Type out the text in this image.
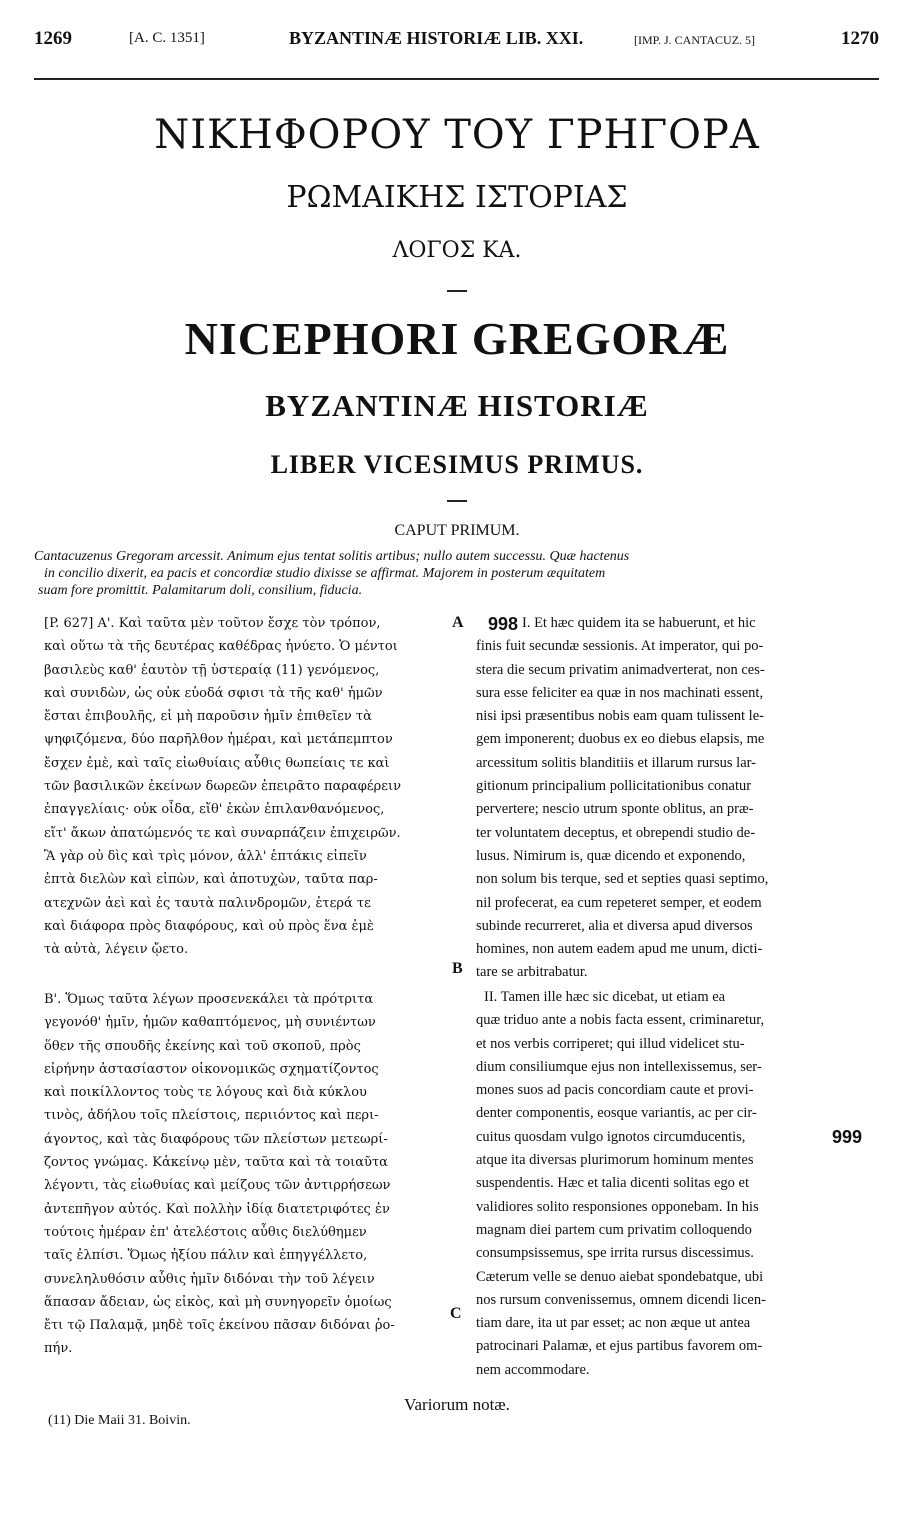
1269	[A. C. 1351]	BYZANTINÆ HISTORIÆ LIB. XXI.	[IMP. J. CANTACUZ. 5]	1270
ΝΙΚΗΦΟΡΟΥ ΤΟΥ ΓΡΗΓΟΡΑ
ΡΩΜΑΙΚΗΣ ΙΣΤΟΡΙΑΣ
ΛΟΓΟΣ ΚΑ.
NICEPHORI GREGORÆ
BYZANTINÆ HISTORIÆ
LIBER VICESIMUS PRIMUS.
CAPUT PRIMUM.
Cantacuzenus Gregoram arcessit. Animum ejus tentat solitis artibus; nullo autem successu. Quæ hactenus
in concilio dixerit, ea pacis et concordiæ studio dixisse se affirmat. Majorem in posterum æquitatem
suam fore promittit. Palamitarum doli, consilium, fiducia.
[P. 627] Α'. Καὶ ταῦτα μὲν τοῦτον ἔσχε τὸν τρόπον,
καὶ οὕτω τὰ τῆς δευτέρας καθέδρας ἠνύετο. Ὁ μέντοι
βασιλεὺς καθ' ἑαυτὸν τῇ ὑστεραίᾳ (11) γενόμενος,
καὶ συνιδὼν, ὡς οὐκ εὐοδά σφισι τὰ τῆς καθ' ἡμῶν
ἔσται ἐπιβουλῆς, εἰ μὴ παροῦσιν ἡμῖν ἐπιθεῖεν τὰ
ψηφιζόμενα, δύο παρῆλθον ἡμέραι, καὶ μετάπεμπτον
ἔσχεν ἐμὲ, καὶ ταῖς εἰωθυίαις αὖθις θωπείαις τε καὶ
τῶν βασιλικῶν ἐκείνων δωρεῶν ἐπειρᾶτο παραφέρειν
ἐπαγγελίαις· οὐκ οἶδα, εἴθ' ἑκὼν ἐπιλανθανόμενος,
εἴτ' ἄκων ἀπατώμενός τε καὶ συναρπάζειν ἐπιχειρῶν.
Ἃ γὰρ οὐ δὶς καὶ τρὶς μόνον, ἀλλ' ἑπτάκις εἰπεῖν
ἐπτὰ διελὼν καὶ εἰπὼν, καὶ ἀποτυχὼν, ταῦτα παρ-
ατεχνῶν ἀεὶ καὶ ἐς ταυτὰ παλινδρομῶν, ἑτερά τε
καὶ διάφορα πρὸς διαφόρους, καὶ οὐ πρὸς ἕνα ἐμὲ
τὰ αὐτὰ, λέγειν ᾤετο.
Β'. Ὅμως ταῦτα λέγων προσενεκάλει τὰ πρότριτα
γεγονόθ' ἡμῖν, ἡμῶν καθαπτόμενος, μὴ συνιέντων
ὅθεν τῆς σπουδῆς ἐκείνης καὶ τοῦ σκοποῦ, πρὸς
εἰρήνην ἀστασίαστον οἰκονομικῶς σχηματίζοντος
καὶ ποικίλλοντος τοὺς τε λόγους καὶ διὰ κύκλου
τινὸς, ἀδήλου τοῖς πλείστοις, περιιόντος καὶ περι-
άγοντος, καὶ τὰς διαφόρους τῶν πλείστων μετεωρί-
ζοντος γνώμας. Κἀκείνῳ μὲν, ταῦτα καὶ τὰ τοιαῦτα
λέγοντι, τὰς εἰωθυίας καὶ μείζους τῶν ἀντιρρήσεων
ἀντεπῆγον αὐτός. Καὶ πολλὴν ἰδίᾳ διατετριφότες ἐν
τούτοις ἡμέραν ἐπ' ἀτελέστοις αὖθις διελύθημεν
ταῖς ἐλπίσι. Ὅμως ἠξίου πάλιν καὶ ἐπηγγέλλετο,
συνεληλυθόσιν αὖθις ἡμῖν διδόναι τὴν τοῦ λέγειν
ἅπασαν ἄδειαν, ὡς εἰκὸς, καὶ μὴ συνηγορεῖν ὁμοίως
ἔτι τῷ Παλαμᾷ, μηδὲ τοῖς ἐκείνου πᾶσαν διδόναι ῥο-
πήν.
A
B
C
998 I. Et hæc quidem ita se habuerunt, et hic
finis fuit secundæ sessionis. At imperator, qui po-
stera die secum privatim animadverterat, non ces-
sura esse feliciter ea quæ in nos machinati essent,
nisi ipsi præsentibus nobis eam quam tulissent le-
gem imponerent; duobus ex eo diebus elapsis, me
arcessitum solitis blanditiis et illarum rursus lar-
gitionum principalium pollicitationibus conatur
pervertere; nescio utrum sponte oblitus, an præ-
ter voluntatem deceptus, et obrependi studio de-
lusus. Nimirum is, quæ dicendo et exponendo,
non solum bis terque, sed et septies quasi septimo,
nil profecerat, ea cum repeteret semper, et eodem
subinde recurreret, alia et diversa apud diversos
homines, non autem eadem apud me unum, dicti-
tare se arbitrabatur.
II. Tamen ille hæc sic dicebat, ut etiam ea
quæ triduo ante a nobis facta essent, criminaretur,
et nos verbis corriperet; qui illud videlicet stu-
dium consiliumque ejus non intellexissemus, ser-
mones suos ad pacis concordiam caute et provi-
denter componentis, eosque variantis, ac per cir-
cuitus quosdam vulgo ignotos circumducentis,
atque ita diversas plurimorum hominum mentes
suspendentis. Hæc et talia dicenti solitas ego et
validiores solito responsiones opponebam. In his
magnam diei partem cum privatim colloquendo
consumpsissemus, spe irrita rursus discessimus.
Cæterum velle se denuo aiebat spondebatque, ubi
nos rursum convenissemus, omnem dicendi licen-
tiam dare, ita ut par esset; ac non æque ut antea
patrocinari Palamæ, et ejus partibus favorem om-
nem accommodare.
999
Variorum notæ.
(11) Die Maii 31. Boivin.
